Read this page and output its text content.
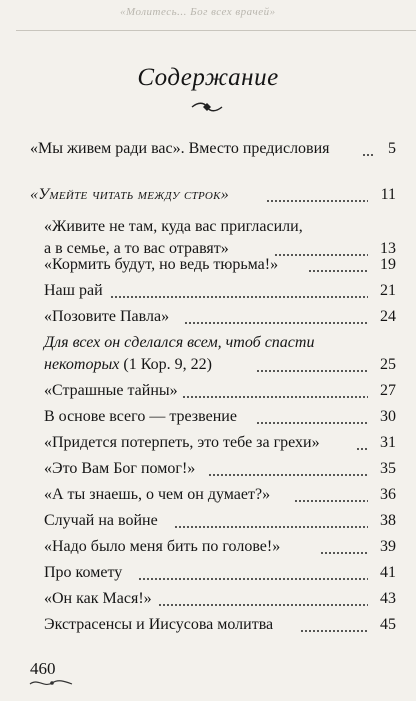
«Молитесь... Бог всех врачей»
Содержание
«Мы живем ради вас». Вместо предисловия	5
«Умейте читать между строк»	11
«Живите не там, куда вас пригласили,
а в семье, а то вас отравят»	13
«Кормить будут, но ведь тюрьма!»	19
Наш рай	21
«Позовите Павла»	24
Для всех он сделался всем, чтоб спасти
некоторых (1 Кор. 9, 22)	25
«Страшные тайны»	27
В основе всего — трезвение	30
«Придется потерпеть, это тебе за грехи»	31
«Это Вам Бог помог!»	35
«А ты знаешь, о чем он думает?»	36
Случай на войне	38
«Надо было меня бить по голове!»	39
Про комету	41
«Он как Мася!»	43
Экстрасенсы и Иисусова молитва	45
460
